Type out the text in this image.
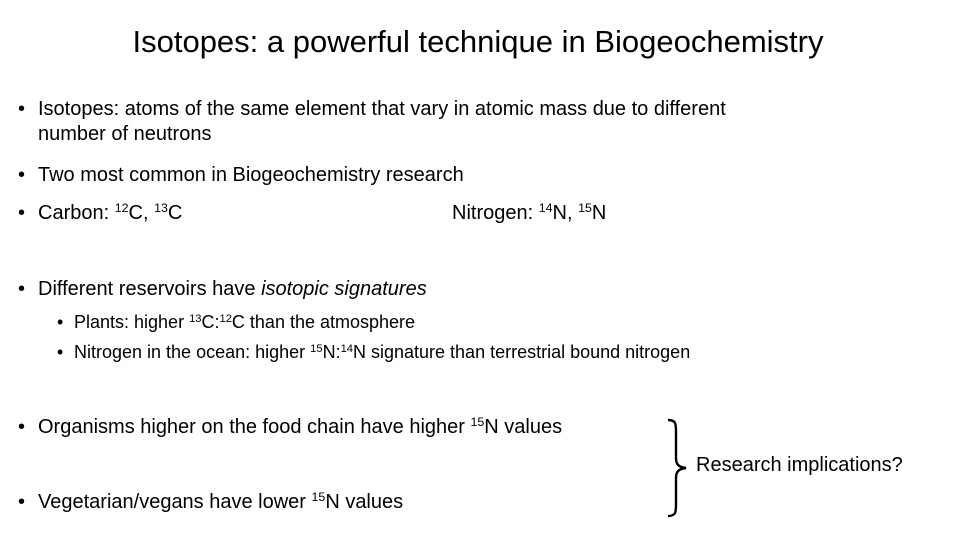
Isotopes: a powerful technique in Biogeochemistry
• Isotopes: atoms of the same element that vary in atomic mass due to different
number of neutrons
• Two most common in Biogeochemistry research
• Carbon: $^{12}$C, $^{13}$C	Nitrogen: $^{14}$N, $^{15}$N
• Different reservoirs have isotopic signatures
• Plants: higher $^{13}$C:$^{12}$C than the atmosphere
• Nitrogen in the ocean: higher $^{15}$N:$^{14}$N signature than terrestrial bound nitrogen
• Organisms higher on the food chain have higher $^{15}$N values
• Vegetarian/vegans have lower $^{15}$N values
Research implications?
